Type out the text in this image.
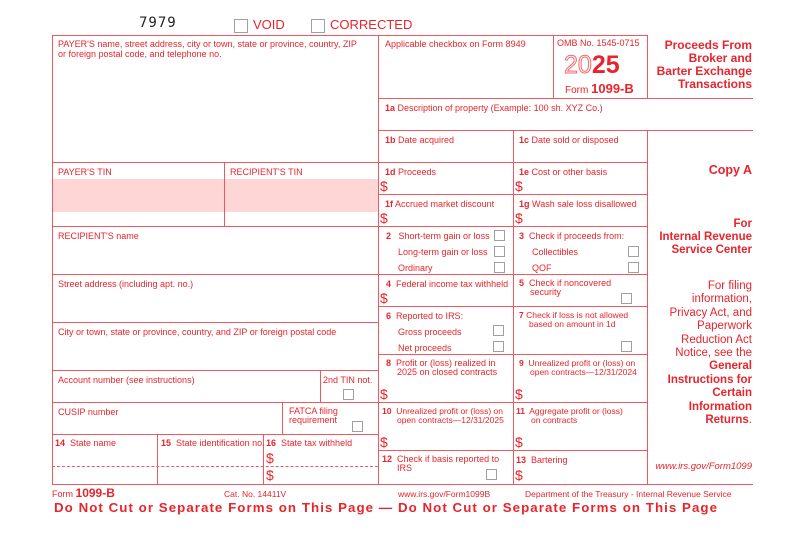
7979	VOID	CORRECTED
PAYER'S name, street address, city or town, state or province, country, ZIP
or foreign postal code, and telephone no.
PAYER'S TIN	RECIPIENT'S TIN
RECIPIENT'S name
Street address (including apt. no.)
City or town, state or province, country, and ZIP or foreign postal code
Account number (see instructions)	2nd TIN not.
CUSIP number	FATCA filing
requirement
14 State name	15 State identification no. 16 State tax withheld
$
$
Applicable checkbox on Form 8949	OMB No. 1545-0715
2025
Form 1099-B
Proceeds From
Broker and
Barter Exchange
Transactions
1a Description of property (Example: 100 sh. XYZ Co.)
1b Date acquired	1c Date sold or disposed
1d Proceeds
$
1e Cost or other basis
$
1f Accrued market discount
$
1g Wash sale loss disallowed
$
2 Short-term gain or loss
Long-term gain or loss
Ordinary
3 Check if proceeds from:
Collectibles
QOF
4 Federal income tax withheld
$
5 Check if noncovered
security
6 Reported to IRS:
Gross proceeds
Net proceeds
7 Check if loss is not allowed
based on amount in 1d
8 Profit or (loss) realized in
2025 on closed contracts
$
9 Unrealized profit or (loss) on
open contracts—12/31/2024
$
10 Unrealized profit or (loss) on
open contracts—12/31/2025
$
11 Aggregate profit or (loss)
on contracts
$
12 Check if basis reported to
IRS
13 Bartering
$
Copy A
For
Internal Revenue
Service Center
For filing
information,
Privacy Act, and
Paperwork
Reduction Act
Notice, see the
General
Instructions for
Certain
Information
Returns.
www.irs.gov/Form1099
Form 1099-B	Cat. No. 14411V	www.irs.gov/Form1099B	Department of the Treasury - Internal Revenue Service
Do Not Cut or Separate Forms on This Page — Do Not Cut or Separate Forms on This Page
